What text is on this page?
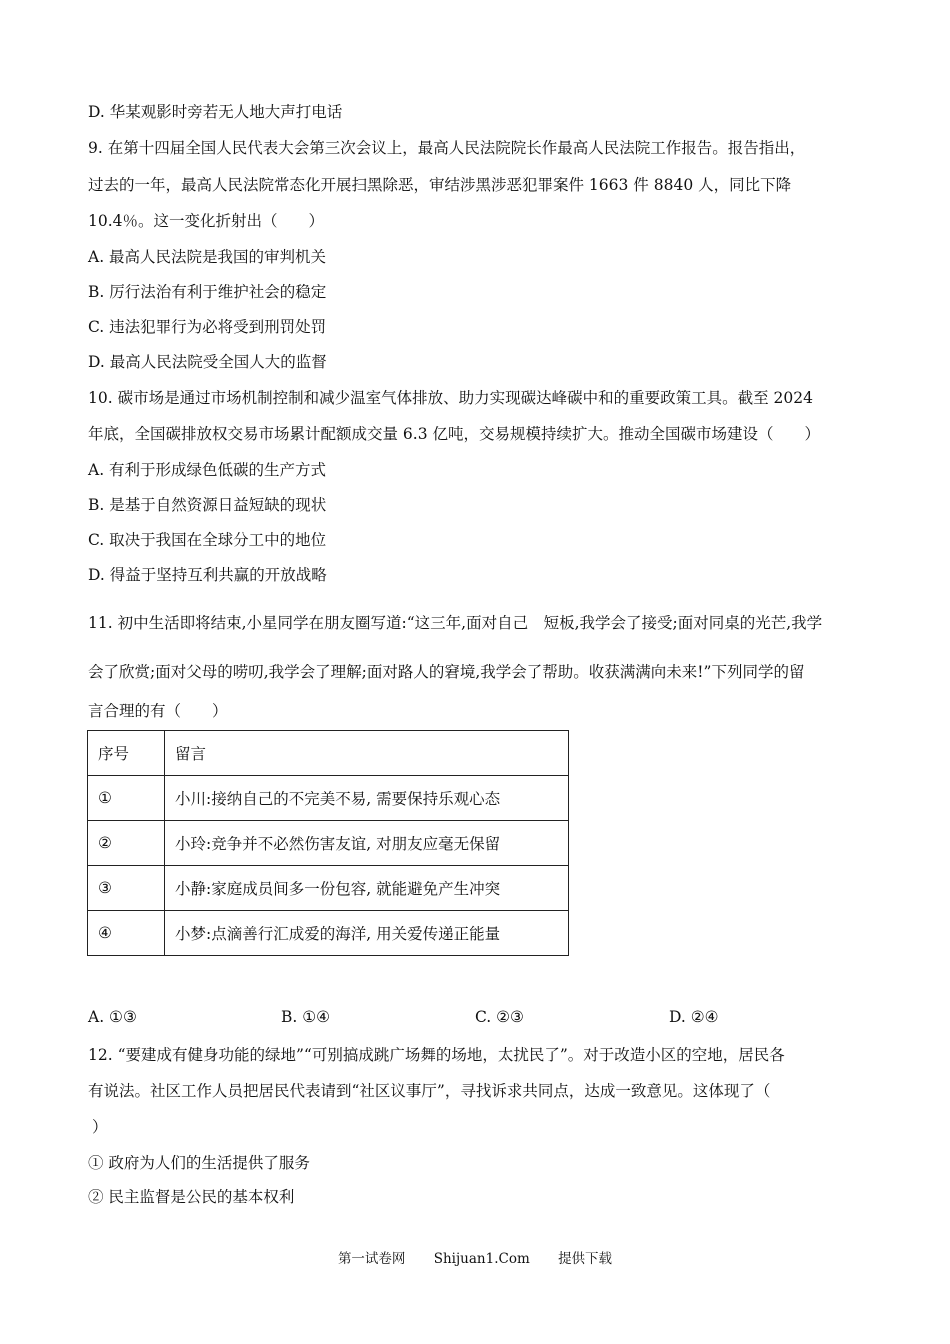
D. 华某观影时旁若无人地大声打电话
9. 在第十四届全国人民代表大会第三次会议上，最高人民法院院长作最高人民法院工作报告。报告指出，
过去的一年，最高人民法院常态化开展扫黑除恶，审结涉黑涉恶犯罪案件 1663 件 8840 人，同比下降
10.4％。这一变化折射出（　　）
A. 最高人民法院是我国的审判机关
B. 厉行法治有利于维护社会的稳定
C. 违法犯罪行为必将受到刑罚处罚
D. 最高人民法院受全国人大的监督
10. 碳市场是通过市场机制控制和减少温室气体排放、助力实现碳达峰碳中和的重要政策工具。截至 2024
年底，全国碳排放权交易市场累计配额成交量 6.3 亿吨，交易规模持续扩大。推动全国碳市场建设（　　）
A. 有利于形成绿色低碳的生产方式
B. 是基于自然资源日益短缺的现状
C. 取决于我国在全球分工中的地位
D. 得益于坚持互利共赢的开放战略
11. 初中生活即将结束,小星同学在朋友圈写道:“这三年,面对自己　短板,我学会了接受;面对同桌的光芒,我学
会了欣赏;面对父母的唠叨,我学会了理解;面对路人的窘境,我学会了帮助。收获满满向未来!”下列同学的留
言合理的有（　　）
序号	留言
①	小川:接纳自己的不完美不易, 需要保持乐观心态
②	小玲:竞争并不必然伤害友谊, 对朋友应毫无保留
③	小静:家庭成员间多一份包容, 就能避免产生冲突
④	小梦:点滴善行汇成爱的海洋, 用关爱传递正能量
A. ①③	B. ①④	C. ②③	D. ②④
12. “要建成有健身功能的绿地”“可别搞成跳广场舞的场地，太扰民了”。对于改造小区的空地，居民各
有说法。社区工作人员把居民代表请到“社区议事厅”，寻找诉求共同点，达成一致意见。这体现了（
）
① 政府为人们的生活提供了服务
② 民主监督是公民的基本权利
第一试卷网 Shijuan1.Com 提供下载
